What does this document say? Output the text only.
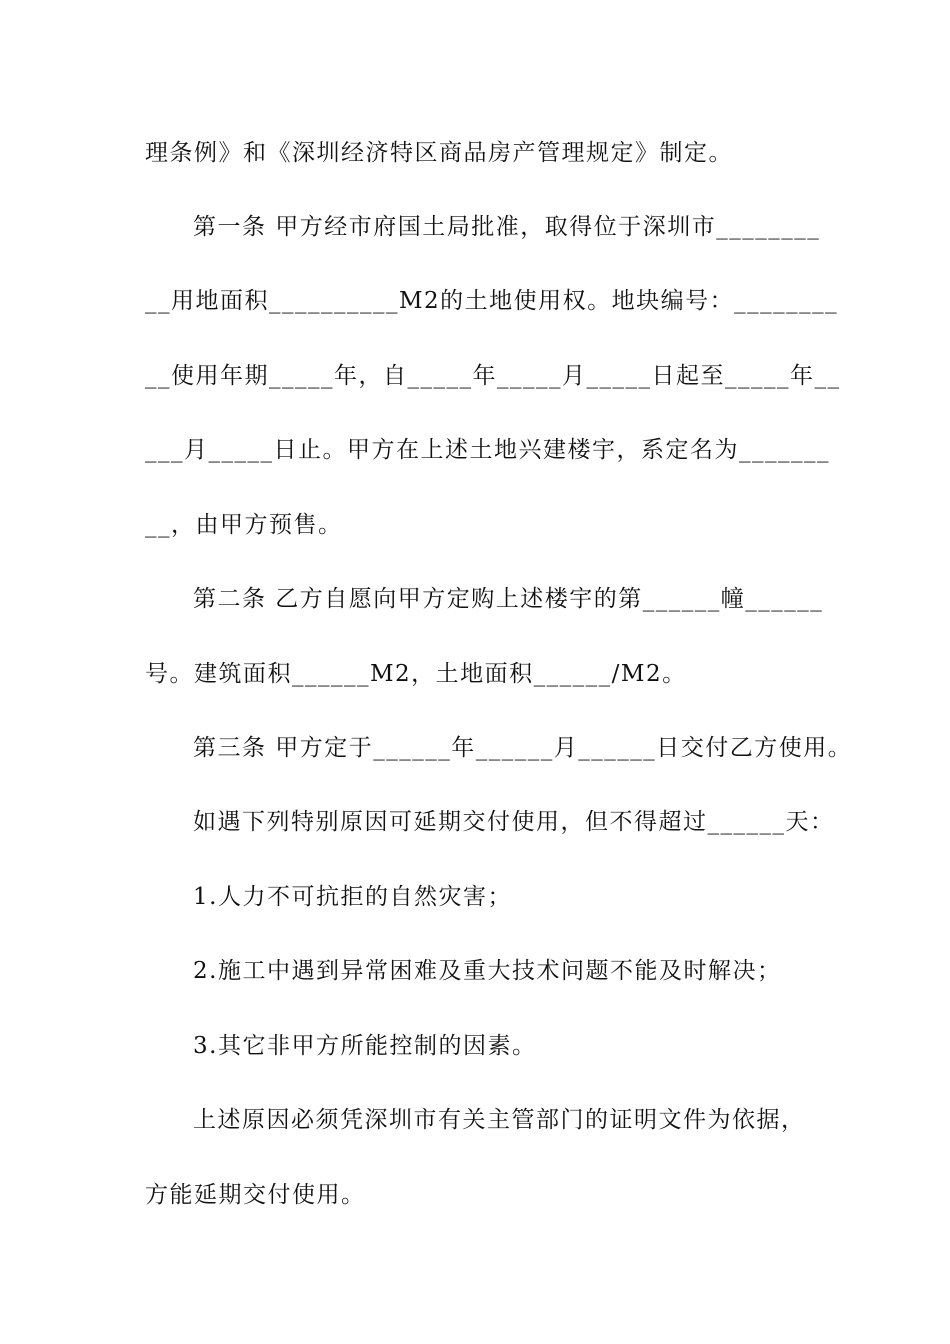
理条例》和《深圳经济特区商品房产管理规定》制定。
第一条 甲方经市府国土局批准，取得位于深圳市________
__用地面积__________M2的土地使用权。地块编号：________
__使用年期_____年，自_____年_____月_____日起至_____年__
___月_____日止。甲方在上述土地兴建楼宇，系定名为_______
__，由甲方预售。
第二条 乙方自愿向甲方定购上述楼宇的第______幢______
号。建筑面积______M2，土地面积______/M2。
第三条 甲方定于______年______月______日交付乙方使用。
如遇下列特别原因可延期交付使用，但不得超过______天：
1.人力不可抗拒的自然灾害；
2.施工中遇到异常困难及重大技术问题不能及时解决；
3.其它非甲方所能控制的因素。
上述原因必须凭深圳市有关主管部门的证明文件为依据，
方能延期交付使用。
